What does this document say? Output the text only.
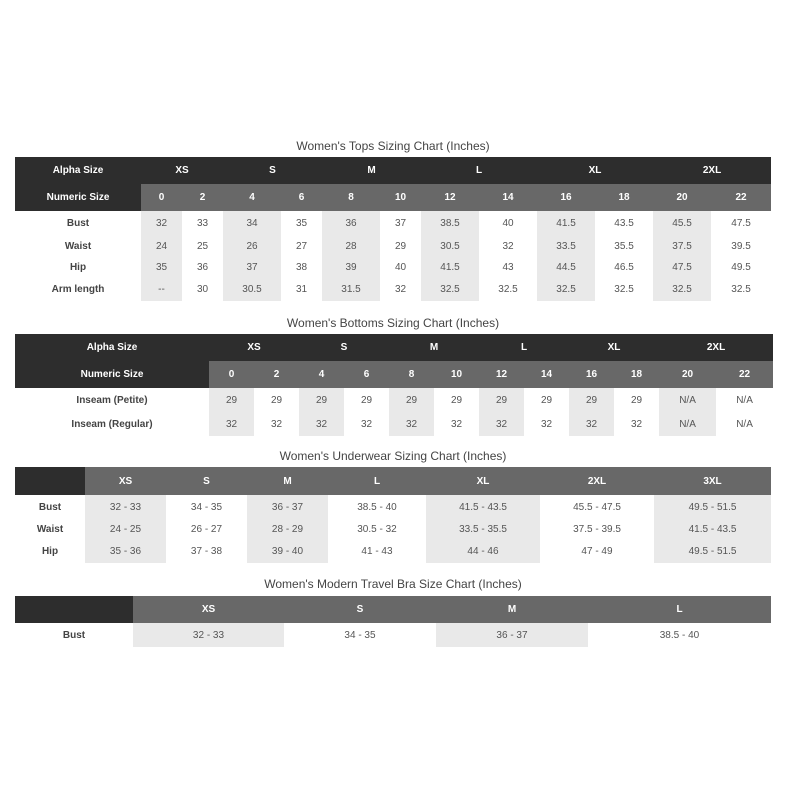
Women's Tops Sizing Chart (Inches)
Alpha Size	XS		S		M		L		XL		2XL	
Numeric Size	0	2	4	6	8	10	12	14	16	18	20	22
Bust	32	33	34	35	36	37	38.5	40	41.5	43.5	45.5	47.5
Waist	24	25	26	27	28	29	30.5	32	33.5	35.5	37.5	39.5
Hip	35	36	37	38	39	40	41.5	43	44.5	46.5	47.5	49.5
Arm length	--	30	30.5	31	31.5	32	32.5	32.5	32.5	32.5	32.5	32.5
Women's Bottoms Sizing Chart (Inches)
Alpha Size	XS		S		M		L		XL		2XL	
Numeric Size	0	2	4	6	8	10	12	14	16	18	20	22
Inseam (Petite)	29	29	29	29	29	29	29	29	29	29	N/A	N/A
Inseam (Regular)	32	32	32	32	32	32	32	32	32	32	N/A	N/A
Women's Underwear Sizing Chart (Inches)
	XS	S	M	L	XL	2XL	3XL
Bust	32 - 33	34 - 35	36 - 37	38.5 - 40	41.5 - 43.5	45.5 - 47.5	49.5 - 51.5
Waist	24 - 25	26 - 27	28 - 29	30.5 - 32	33.5 - 35.5	37.5 - 39.5	41.5 - 43.5
Hip	35 - 36	37 - 38	39 - 40	41 - 43	44 - 46	47 - 49	49.5 - 51.5
Women's Modern Travel Bra Size Chart (Inches)
	XS	S	M	L
Bust	32 - 33	34 - 35	36 - 37	38.5 - 40
